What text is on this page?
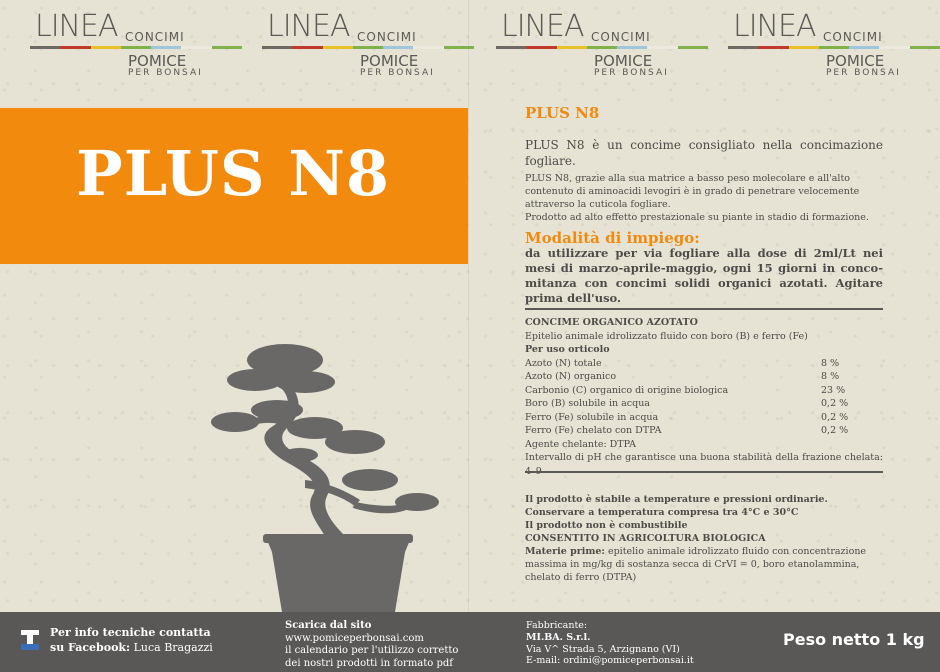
LINEA CONCIMI
POMICE
PER BONSAI
LINEA CONCIMI
POMICE
PER BONSAI
LINEA CONCIMI
POMICE
PER BONSAI
LINEA CONCIMI
POMICE
PER BONSAI
PLUS N8
PLUS N8
PLUS N8 è un concime consigliato nella concimazione fogliare.
PLUS N8, grazie alla sua matrice a basso peso molecolare e all'alto contenuto di aminoacidi levogiri è in grado di penetrare velocemente attraverso la cuticola fogliare.
Prodotto ad alto effetto prestazionale su piante in stadio di formazione.
Modalità di impiego:
da utilizzare per via fogliare alla dose di 2ml/Lt nei mesi di marzo-aprile-maggio, ogni 15 giorni in conco-mitanza con concimi solidi organici azotati. Agitare prima dell'uso.
CONCIME ORGANICO AZOTATO
Epitelio animale idrolizzato fluido con boro (B) e ferro (Fe)
Per uso orticolo
Azoto (N) totale	8 %
Azoto (N) organico	8 %
Carbonio (C) organico di origine biologica	23 %
Boro (B) solubile in acqua	0,2 %
Ferro (Fe) solubile in acqua	0,2 %
Ferro (Fe) chelato con DTPA	0,2 %
Agente chelante: DTPA
Intervallo di pH che garantisce una buona stabilità della frazione chelata:
Il prodotto è stabile a temperature e pressioni ordinarie.
Conservare a temperatura compresa tra 4°C e 30°C
Il prodotto non è combustibile
CONSENTITO IN AGRICOLTURA BIOLOGICA
Materie prime: epitelio animale idrolizzato fluido con concentrazione massima in mg/kg di sostanza secca di CrVI = 0, boro etanolammina, chelato di ferro (DTPA)
Per info tecniche contatta
su Facebook: Luca Bragazzi
Scarica dal sito
www.pomiceperbonsai.com
il calendario per l'utilizzo corretto
dei nostri prodotti in formato pdf
Fabbricante:
MI.BA. S.r.l.
Via V^ Strada 5, Arzignano (VI)
E-mail: ordini@pomiceperbonsai.it
Peso netto 1 kg
